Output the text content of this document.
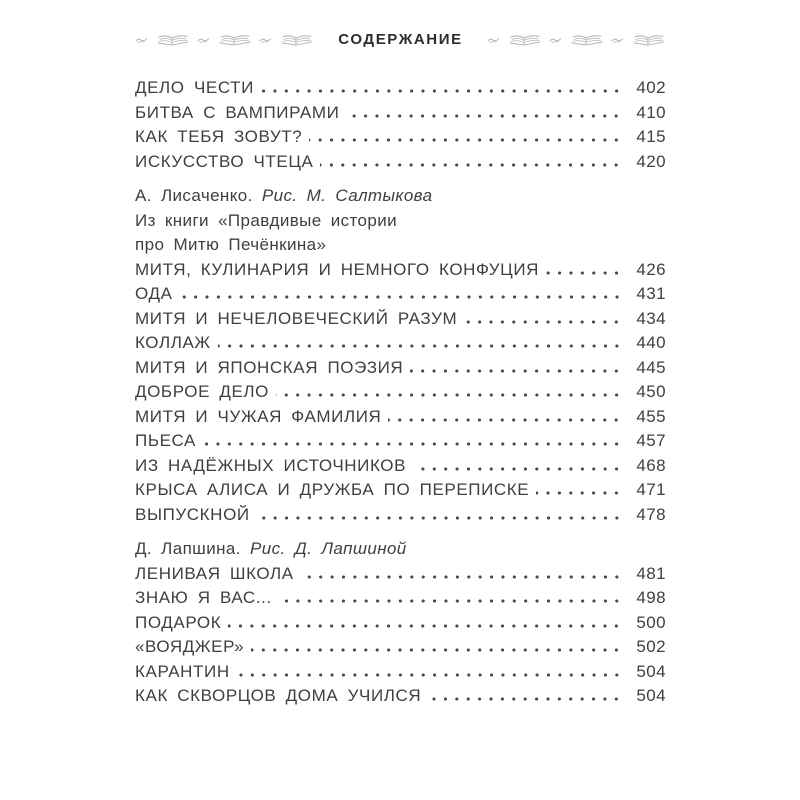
СОДЕРЖАНИЕ
ДЕЛО ЧЕСТИ	402
БИТВА С ВАМПИРАМИ	410
КАК ТЕБЯ ЗОВУТ?	415
ИСКУССТВО ЧТЕЦА	420
А. Лисаченко. Рис. М. Салтыкова
Из книги «Правдивые истории
про Митю Печёнкина»
МИТЯ, КУЛИНАРИЯ И НЕМНОГО КОНФУЦИЯ	426
ОДА	431
МИТЯ И НЕЧЕЛОВЕЧЕСКИЙ РАЗУМ	434
КОЛЛАЖ	440
МИТЯ И ЯПОНСКАЯ ПОЭЗИЯ	445
ДОБРОЕ ДЕЛО	450
МИТЯ И ЧУЖАЯ ФАМИЛИЯ	455
ПЬЕСА	457
ИЗ НАДЁЖНЫХ ИСТОЧНИКОВ	468
КРЫСА АЛИСА И ДРУЖБА ПО ПЕРЕПИСКЕ	471
ВЫПУСКНОЙ	478
Д. Лапшина. Рис. Д. Лапшиной
ЛЕНИВАЯ ШКОЛА	481
ЗНАЮ Я ВАС...	498
ПОДАРОК	500
«ВОЯДЖЕР»	502
КАРАНТИН	504
КАК СКВОРЦОВ ДОМА УЧИЛСЯ	504
